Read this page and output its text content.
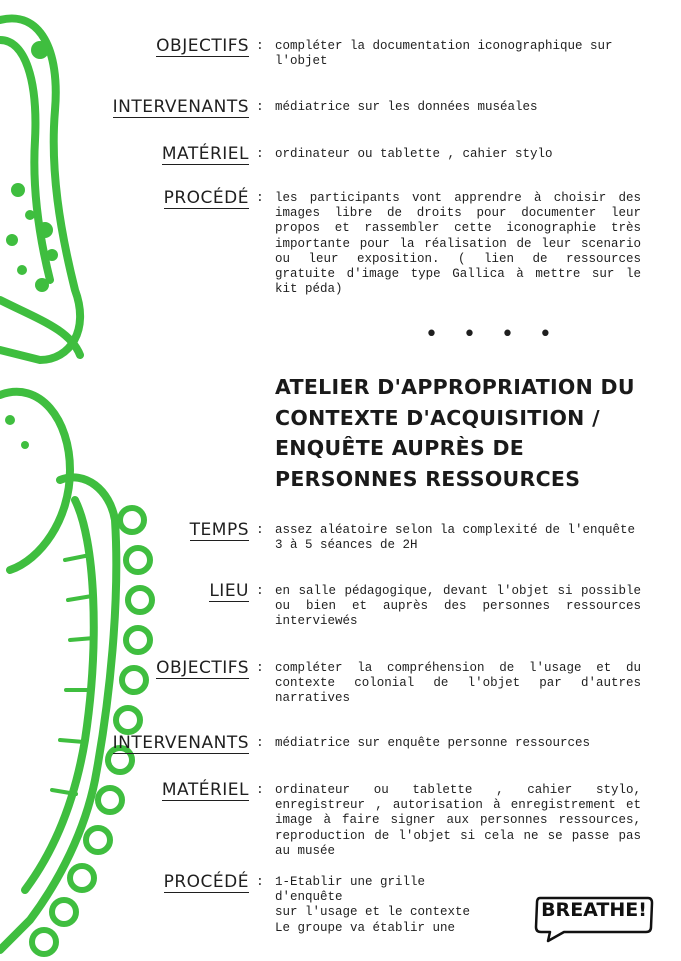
OBJECTIFS : compléter la documentation iconographique sur
l'objet
INTERVENANTS : médiatrice sur les données muséales
MATÉRIEL : ordinateur ou tablette , cahier stylo
PROCÉDÉ : les participants vont apprendre à choisir des images libre de droits pour documenter leur propos et rassembler cette iconographie très importante pour la réalisation de leur scenario ou leur exposition. ( lien de ressources gratuite d'image type Gallica à mettre sur le kit péda)
• • • •
ATELIER D'APPROPRIATION DU CONTEXTE D'ACQUISITION / ENQUÊTE AUPRÈS DE PERSONNES RESSOURCES
TEMPS : assez aléatoire selon la complexité de l'enquête
3 à 5 séances de 2H
LIEU : en salle pédagogique, devant l'objet si possible ou bien et auprès des personnes ressources interviewés
OBJECTIFS : compléter la compréhension de l'usage et du contexte colonial de l'objet par d'autres narratives
INTERVENANTS : médiatrice sur enquête personne ressources
MATÉRIEL : ordinateur ou tablette , cahier stylo, enregistreur , autorisation à enregistrement et image à faire signer aux personnes ressources, reproduction de l'objet si cela ne se passe pas au musée
PROCÉDÉ : 1-Etablir une grille d'enquête
sur l'usage et le contexte
Le groupe va établir une
BREATHE!
